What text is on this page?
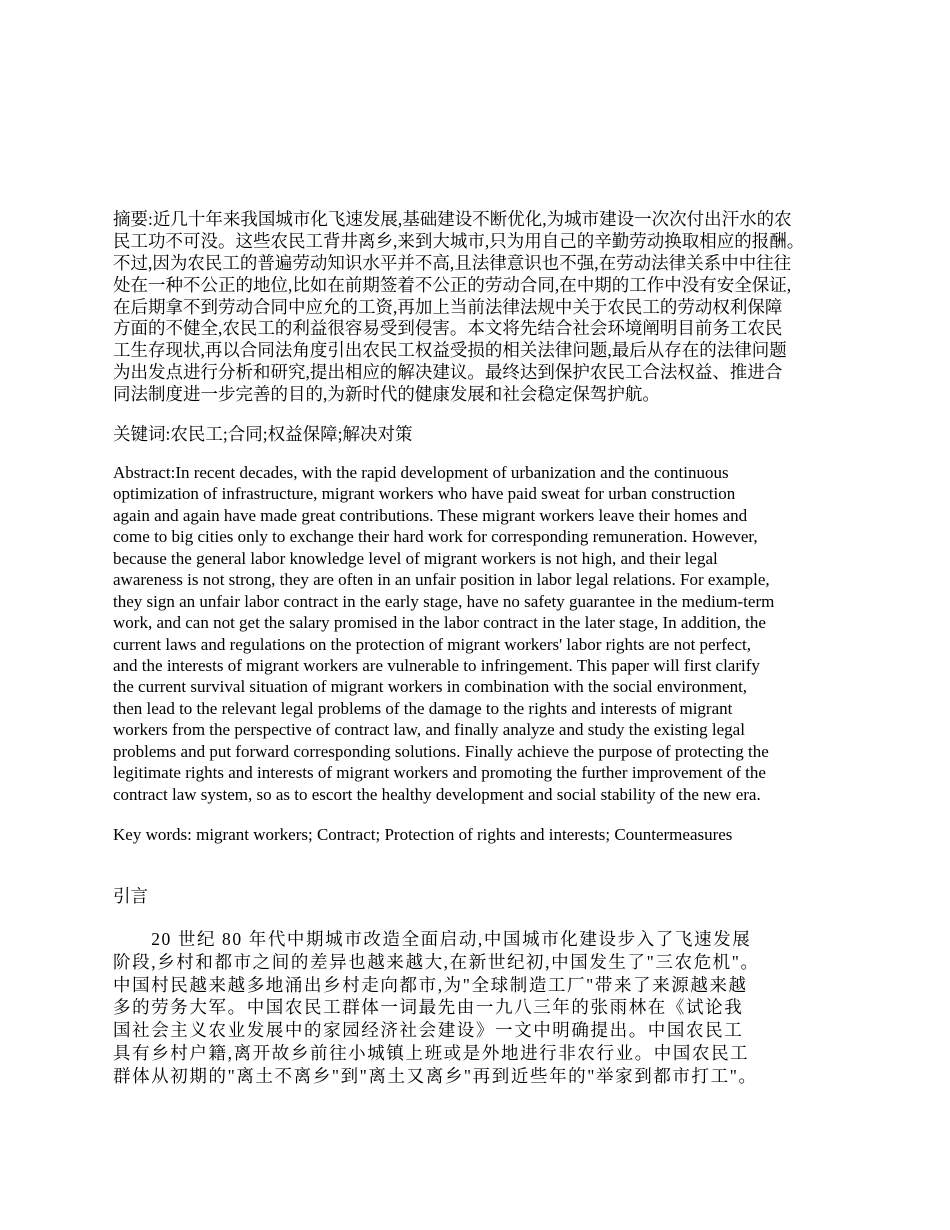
摘要:近几十年来我国城市化飞速发展,基础建设不断优化,为城市建设一次次付出汗水的农
民工功不可没。这些农民工背井离乡,来到大城市,只为用自己的辛勤劳动换取相应的报酬。
不过,因为农民工的普遍劳动知识水平并不高,且法律意识也不强,在劳动法律关系中中往往
处在一种不公正的地位,比如在前期签着不公正的劳动合同,在中期的工作中没有安全保证,
在后期拿不到劳动合同中应允的工资,再加上当前法律法规中关于农民工的劳动权利保障
方面的不健全,农民工的利益很容易受到侵害。本文将先结合社会环境阐明目前务工农民
工生存现状,再以合同法角度引出农民工权益受损的相关法律问题,最后从存在的法律问题
为出发点进行分析和研究,提出相应的解决建议。最终达到保护农民工合法权益、推进合
同法制度进一步完善的目的,为新时代的健康发展和社会稳定保驾护航。
关键词:农民工;合同;权益保障;解决对策
Abstract:In recent decades, with the rapid development of urbanization and the continuous
optimization of infrastructure, migrant workers who have paid sweat for urban construction
again and again have made great contributions. These migrant workers leave their homes and
come to big cities only to exchange their hard work for corresponding remuneration. However,
because the general labor knowledge level of migrant workers is not high, and their legal
awareness is not strong, they are often in an unfair position in labor legal relations. For example,
they sign an unfair labor contract in the early stage, have no safety guarantee in the medium-term
work, and can not get the salary promised in the labor contract in the later stage, In addition, the
current laws and regulations on the protection of migrant workers' labor rights are not perfect,
and the interests of migrant workers are vulnerable to infringement. This paper will first clarify
the current survival situation of migrant workers in combination with the social environment,
then lead to the relevant legal problems of the damage to the rights and interests of migrant
workers from the perspective of contract law, and finally analyze and study the existing legal
problems and put forward corresponding solutions. Finally achieve the purpose of protecting the
legitimate rights and interests of migrant workers and promoting the further improvement of the
contract law system, so as to escort the healthy development and social stability of the new era.
Key words: migrant workers; Contract; Protection of rights and interests; Countermeasures
引言
　　20 世纪 80 年代中期城市改造全面启动,中国城市化建设步入了飞速发展
阶段,乡村和都市之间的差异也越来越大,在新世纪初,中国发生了"三农危机"。
中国村民越来越多地涌出乡村走向都市,为"全球制造工厂"带来了来源越来越
多的劳务大军。中国农民工群体一词最先由一九八三年的张雨林在《试论我
国社会主义农业发展中的家园经济社会建设》一文中明确提出。中国农民工
具有乡村户籍,离开故乡前往小城镇上班或是外地进行非农行业。中国农民工
群体从初期的"离土不离乡"到"离土又离乡"再到近些年的"举家到都市打工"。
